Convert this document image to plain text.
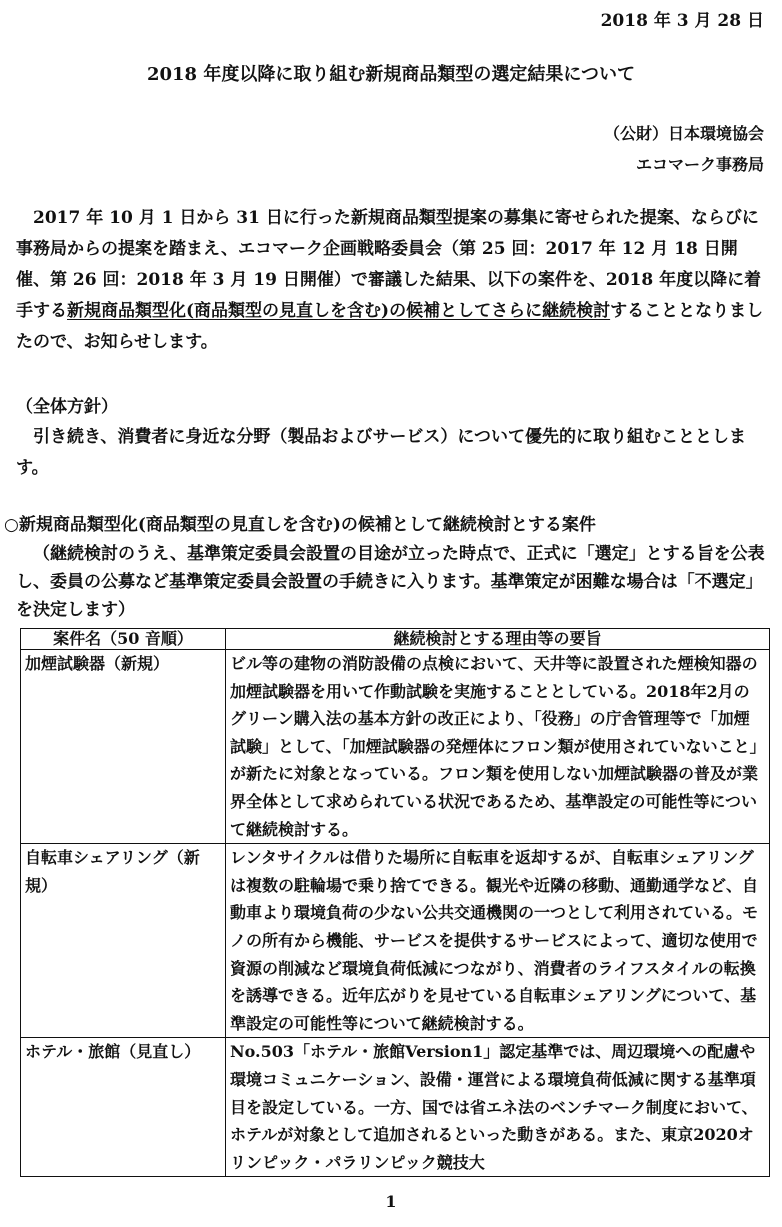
2018 年 3 月 28 日
2018 年度以降に取り組む新規商品類型の選定結果について
（公財）日本環境協会
エコマーク事務局
2017 年 10 月 1 日から 31 日に行った新規商品類型提案の募集に寄せられた提案、ならびに事務局からの提案を踏まえ、エコマーク企画戦略委員会（第 25 回：2017 年 12 月 18 日開催、第 26 回：2018 年 3 月 19 日開催）で審議した結果、以下の案件を、2018 年度以降に着手する新規商品類型化(商品類型の見直しを含む)の候補としてさらに継続検討することとなりましたので、お知らせします。
（全体方針）
引き続き、消費者に身近な分野（製品およびサービス）について優先的に取り組むこととします。
○新規商品類型化(商品類型の見直しを含む)の候補として継続検討とする案件
（継続検討のうえ、基準策定委員会設置の目途が立った時点で、正式に「選定」とする旨を公表し、委員の公募など基準策定委員会設置の手続きに入ります。基準策定が困難な場合は「不選定」を決定します）
案件名（50 音順）	継続検討とする理由等の要旨
加煙試験器（新規）	ビル等の建物の消防設備の点検において、天井等に設置された煙検知器の加煙試験器を用いて作動試験を実施することとしている。2018年2月のグリーン購入法の基本方針の改正により、「役務」の庁舎管理等で「加煙試験」として、「加煙試験器の発煙体にフロン類が使用されていないこと」が新たに対象となっている。フロン類を使用しない加煙試験器の普及が業界全体として求められている状況であるため、基準設定の可能性等について継続検討する。
自転車シェアリング（新規）	レンタサイクルは借りた場所に自転車を返却するが、自転車シェアリングは複数の駐輪場で乗り捨てできる。観光や近隣の移動、通勤通学など、自動車より環境負荷の少ない公共交通機関の一つとして利用されている。モノの所有から機能、サービスを提供するサービスによって、適切な使用で資源の削減など環境負荷低減につながり、消費者のライフスタイルの転換を誘導できる。近年広がりを見せている自転車シェアリングについて、基準設定の可能性等について継続検討する。
ホテル・旅館（見直し）	No.503「ホテル・旅館Version1」認定基準では、周辺環境への配慮や環境コミュニケーション、設備・運営による環境負荷低減に関する基準項目を設定している。一方、国では省エネ法のベンチマーク制度において、ホテルが対象として追加されるといった動きがある。また、東京2020オリンピック・パラリンピック競技大
1
